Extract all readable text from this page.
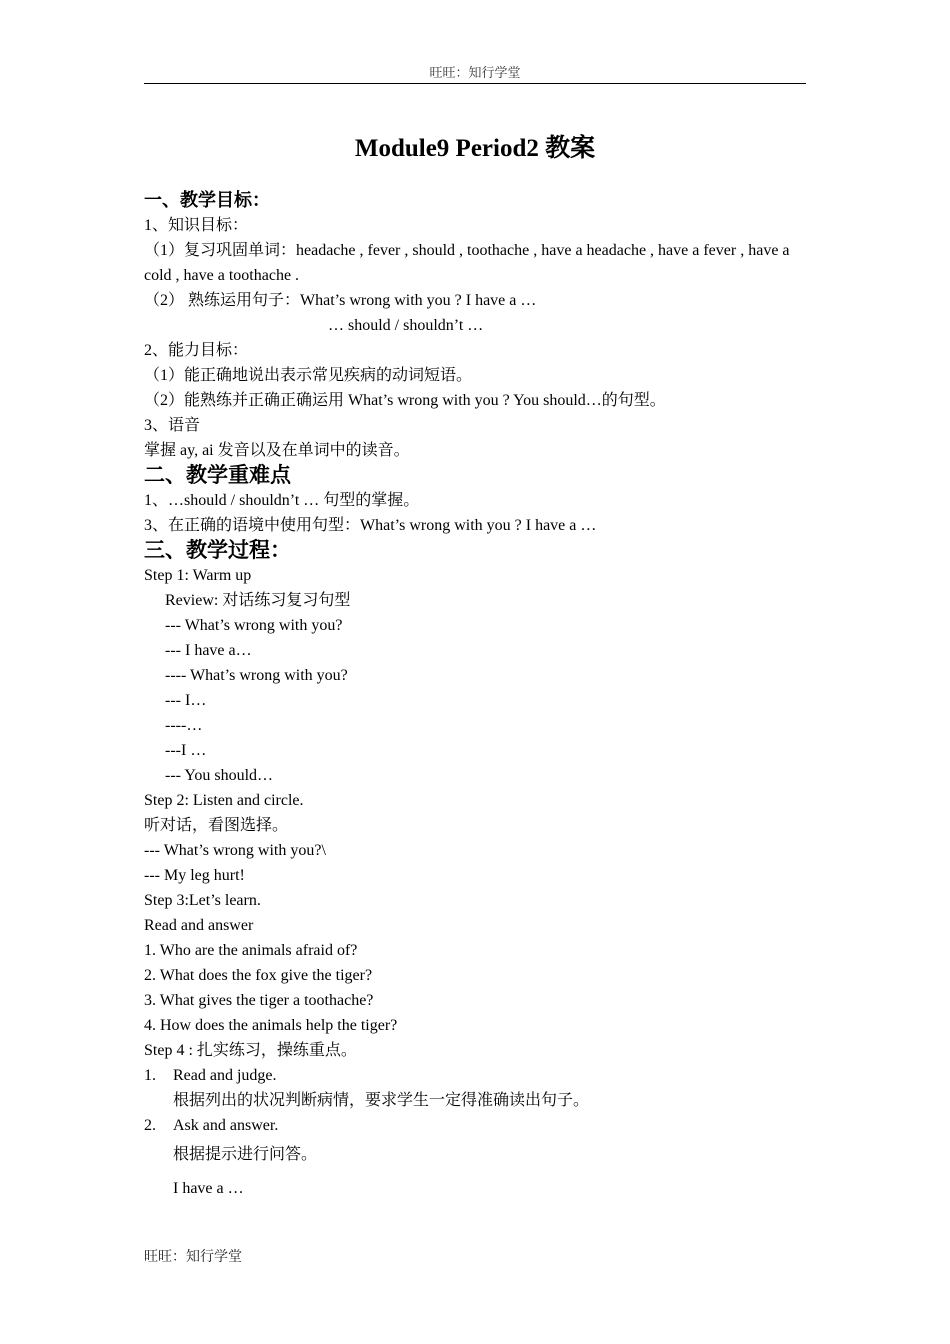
旺旺：知行学堂
Module9 Period2 教案
一、教学目标：
1、知识目标：
（1）复习巩固单词：headache , fever , should , toothache , have a headache , have a fever , have a cold , have a toothache .
（2） 熟练运用句子：What’s wrong with you ? I have a …
… should / shouldn’t …
2、能力目标：
（1）能正确地说出表示常见疾病的动词短语。
（2）能熟练并正确正确运用 What’s wrong with you ? You should…的句型。
3、语音
掌握 ay, ai 发音以及在单词中的读音。
二、教学重难点
1、…should / shouldn’t … 句型的掌握。
3、在正确的语境中使用句型：What’s wrong with you ? I have a …
三、教学过程：
Step 1: Warm up
Review: 对话练习复习句型
--- What’s wrong with you?
--- I have a…
---- What’s wrong with you?
--- I…
----…
---I …
--- You should…
Step 2: Listen and circle.
听对话，看图选择。
--- What’s wrong with you?\
--- My leg hurt!
Step 3:Let’s learn.
Read and answer
1. Who are the animals afraid of?
2. What does the fox give the tiger?
3. What gives the tiger a toothache?
4. How does the animals help the tiger?
Step 4 : 扎实练习，操练重点。
1. Read and judge.
根据列出的状况判断病情，要求学生一定得准确读出句子。
2. Ask and answer.
根据提示进行问答。
I have a …
旺旺：知行学堂
